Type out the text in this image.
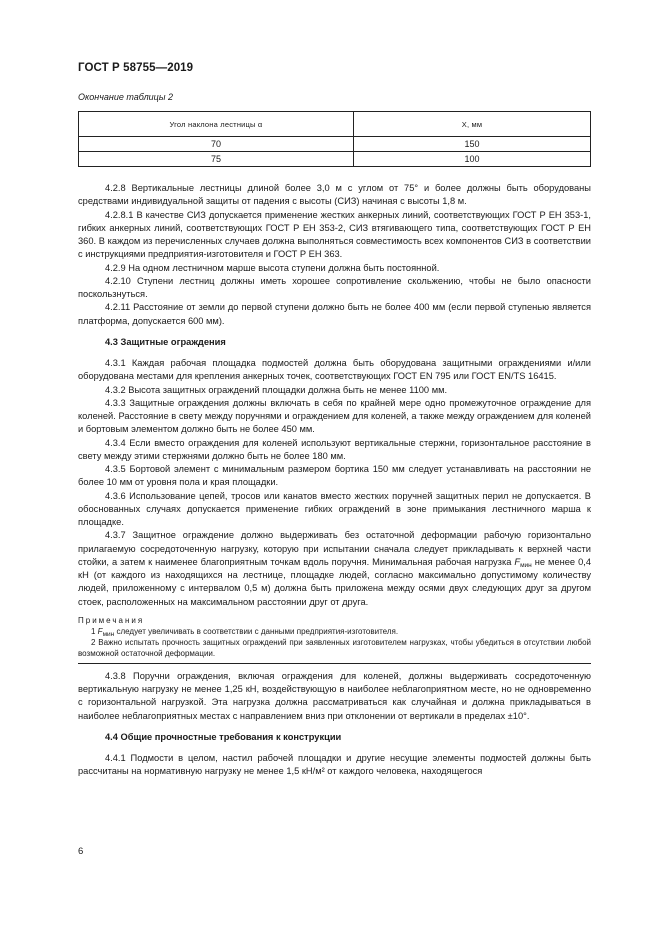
ГОСТ Р 58755—2019
Окончание таблицы 2
Угол наклона лестницы α	X, мм
70	150
75	100

4.2.8 Вертикальные лестницы длиной более 3,0 м с углом от 75° и более должны быть оборудованы средствами индивидуальной защиты от падения с высоты (СИЗ) начиная с высоты 1,8 м.

4.2.8.1 В качестве СИЗ допускается применение жестких анкерных линий, соответствующих ГОСТ Р ЕН 353-1, гибких анкерных линий, соответствующих ГОСТ Р ЕН 353-2, СИЗ втягивающего типа, соответствующих ГОСТ Р ЕН 360. В каждом из перечисленных случаев должна выполняться совместимость всех компонентов СИЗ в соответствии с инструкциями предприятия-изготовителя и ГОСТ Р ЕН 363.

4.2.9 На одном лестничном марше высота ступени должна быть постоянной.

4.2.10 Ступени лестниц должны иметь хорошее сопротивление скольжению, чтобы не было опасности поскользнуться.

4.2.11 Расстояние от земли до первой ступени должно быть не более 400 мм (если первой ступенью является платформа, допускается 600 мм).

4.3 Защитные ограждения

4.3.1 Каждая рабочая площадка подмостей должна быть оборудована защитными ограждениями и/или оборудована местами для крепления анкерных точек, соответствующих ГОСТ EN 795 или ГОСТ EN/TS 16415.

4.3.2 Высота защитных ограждений площадки должна быть не менее 1100 мм.

4.3.3 Защитные ограждения должны включать в себя по крайней мере одно промежуточное ограждение для коленей. Расстояние в свету между поручнями и ограждением для коленей, а также между ограждением для коленей и бортовым элементом должно быть не более 450 мм.

4.3.4 Если вместо ограждения для коленей используют вертикальные стержни, горизонтальное расстояние в свету между этими стержнями должно быть не более 180 мм.

4.3.5 Бортовой элемент с минимальным размером бортика 150 мм следует устанавливать на расстоянии не более 10 мм от уровня пола и края площадки.

4.3.6 Использование цепей, тросов или канатов вместо жестких поручней защитных перил не допускается. В обоснованных случаях допускается применение гибких ограждений в зоне примыкания лестничного марша к площадке.

4.3.7 Защитное ограждение должно выдерживать без остаточной деформации рабочую горизонтально прилагаемую сосредоточенную нагрузку, которую при испытании сначала следует прикладывать к верхней части стойки, а затем к наименее благоприятным точкам вдоль поручня. Минимальная рабочая нагрузка $F_{мин}$ не менее 0,4 кН (от каждого из находящихся на лестнице, площадке людей, согласно максимально допустимому количеству людей, приложенному с интервалом 0,5 м) должна быть приложена между осями двух следующих друг за другом стоек, расположенных на максимальном расстоянии друг от друга.

Примечания

1 $F_{мин}$ следует увеличивать в соответствии с данными предприятия-изготовителя.

2 Важно испытать прочность защитных ограждений при заявленных изготовителем нагрузках, чтобы убедиться в отсутствии любой возможной остаточной деформации.

4.3.8 Поручни ограждения, включая ограждения для коленей, должны выдерживать сосредоточенную вертикальную нагрузку не менее 1,25 кН, воздействующую в наиболее неблагоприятном месте, но не одновременно с горизонтальной нагрузкой. Эта нагрузка должна рассматриваться как случайная и должна прикладываться в наиболее неблагоприятных местах с направлением вниз при отклонении от вертикали в пределах ±10°.

4.4 Общие прочностные требования к конструкции

4.4.1 Подмости в целом, настил рабочей площадки и другие несущие элементы подмостей должны быть рассчитаны на нормативную нагрузку не менее 1,5 кН/м² от каждого человека, находящегося

6
